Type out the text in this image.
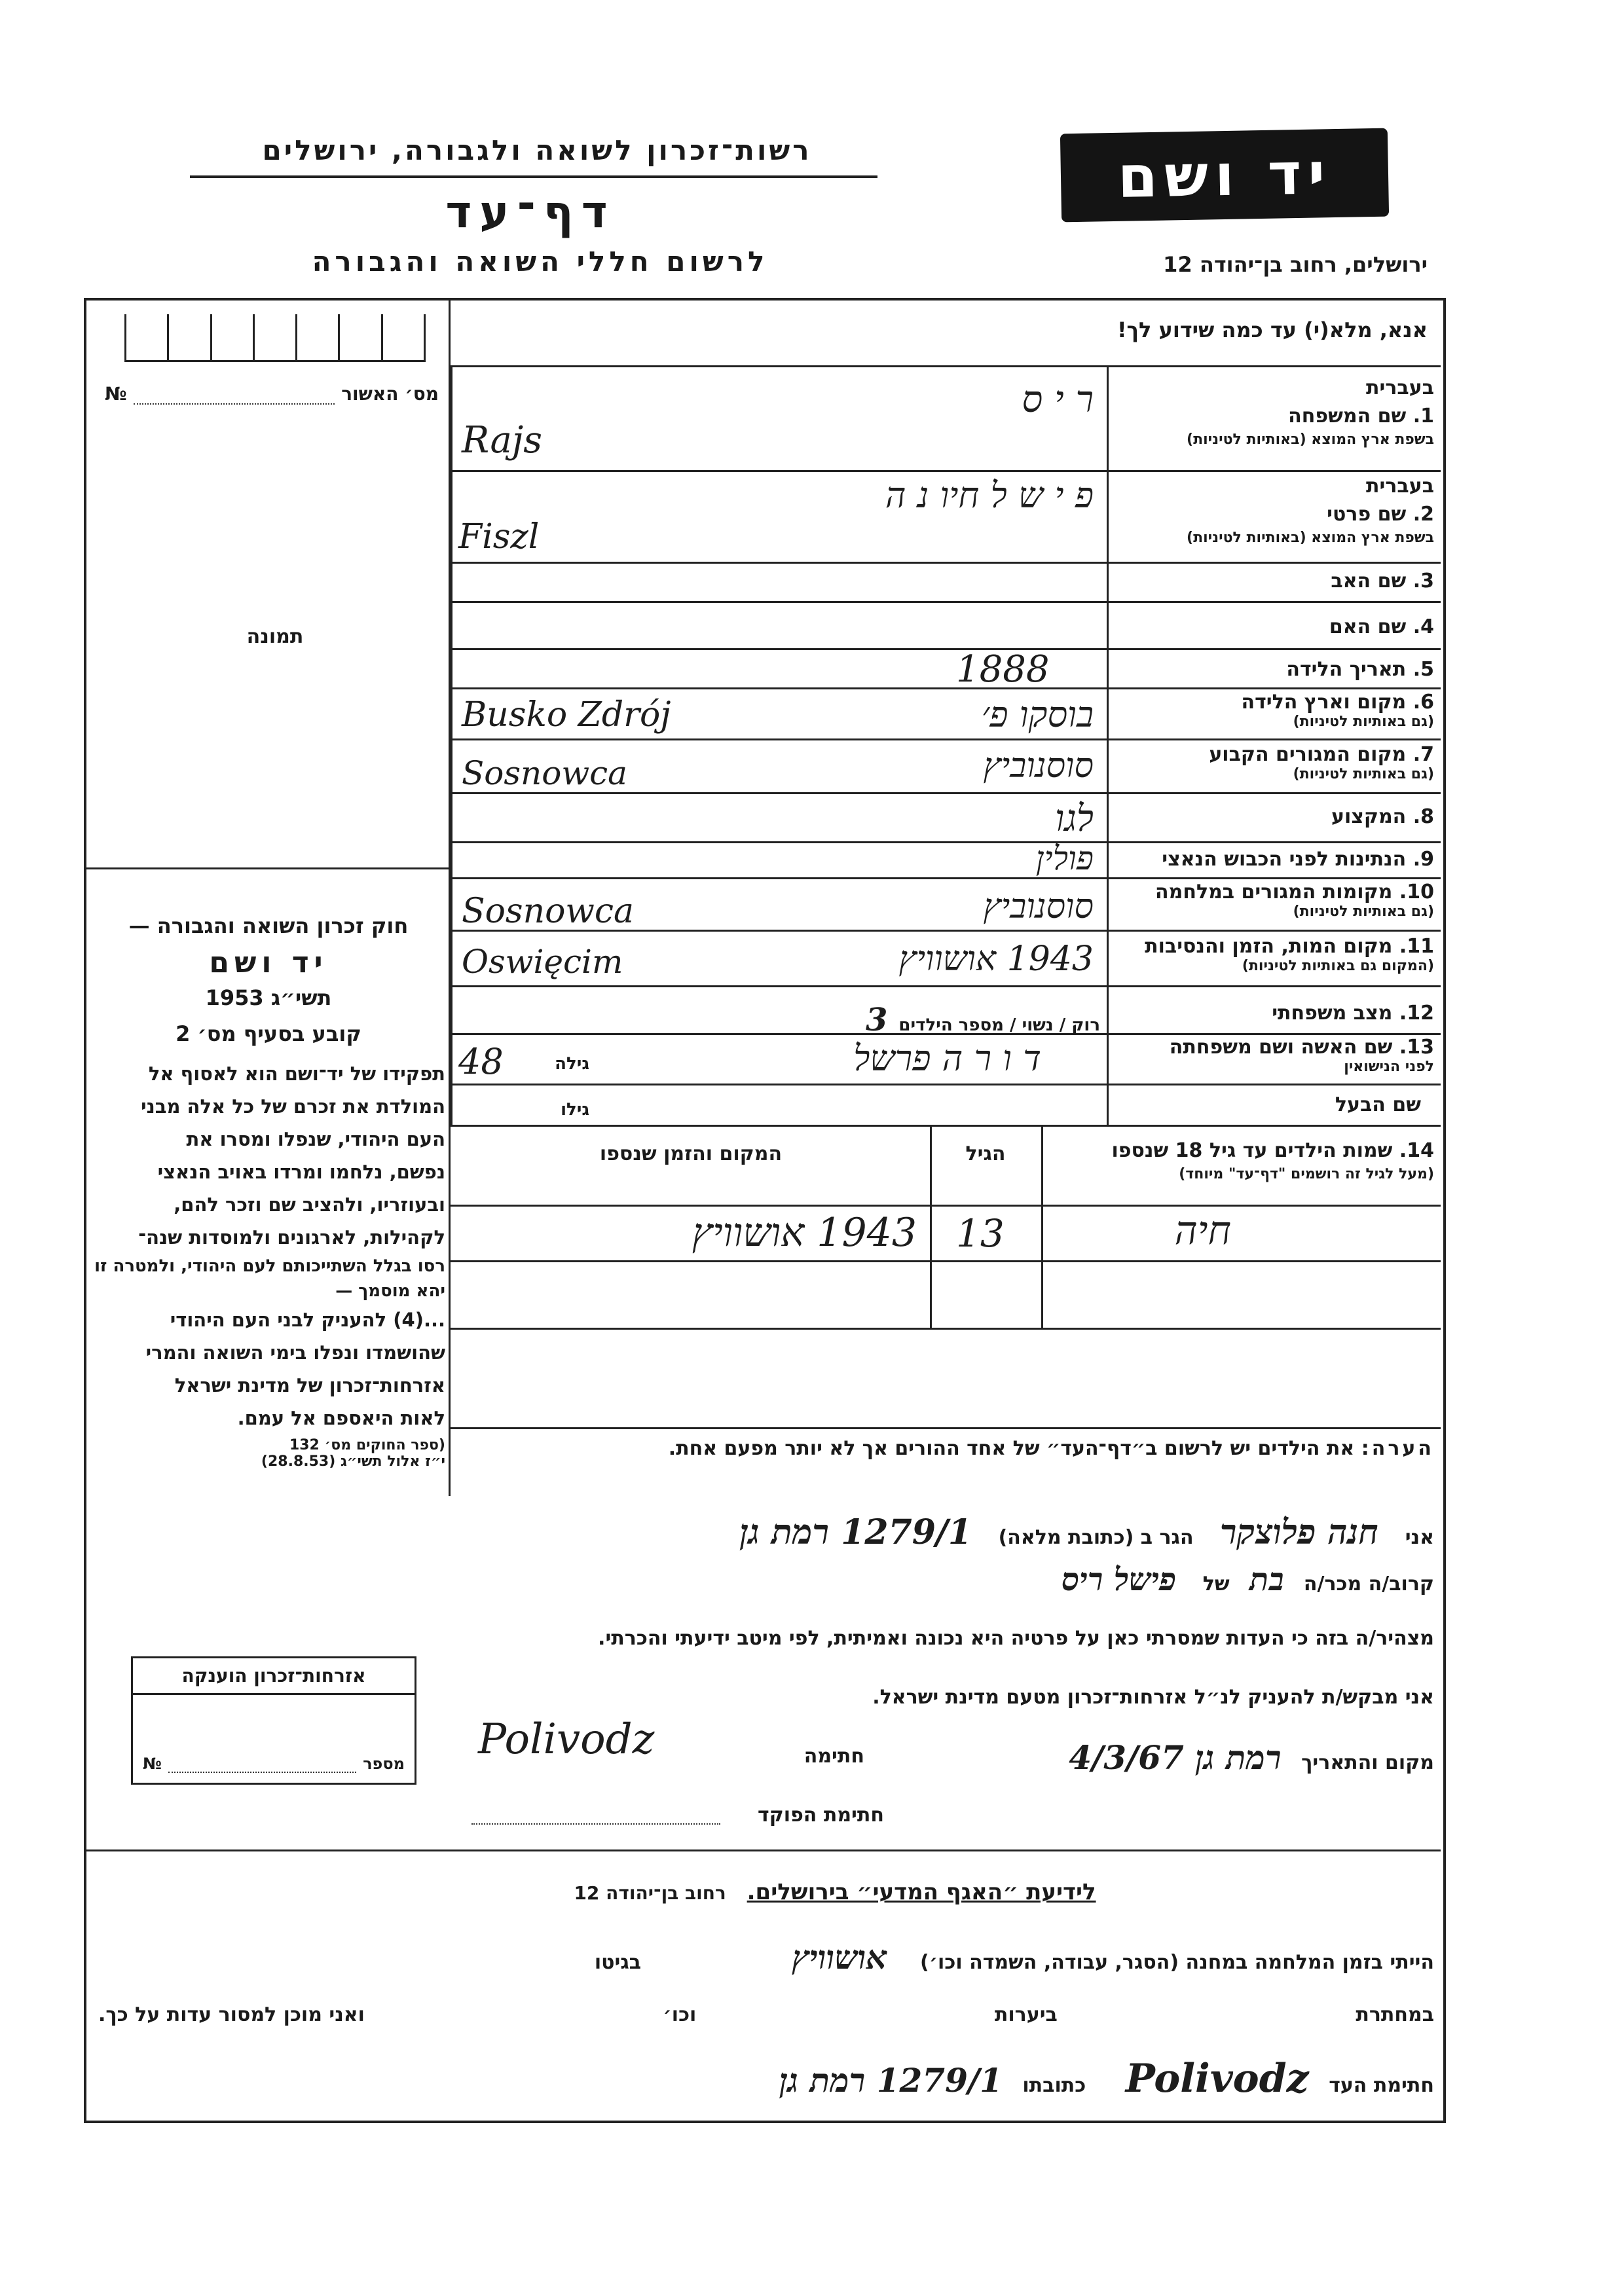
רשות־זכרון לשואה ולגבורה, ירושלים
דף־עד
לרשום חללי השואה והגבורה
יד ושם
ירושלים, רחוב בן־יהודה 12
מס׳ האשור
№
תמונה
חוק זכרון השואה והגבורה —
יד ושם
תשי״ג 1953
קובע בסעיף מס׳ 2
תפקידו של יד־ושם הוא לאסוף אל
המולדת את זכרם של כל אלה מבני
העם היהודי, שנפלו ומסרו את
נפשם, נלחמו ומרדו באויב הנאצי
ובעוזריו, ולהציב שם וזכר להם,
לקהילות, לארגונים ולמוסדות שנה־
רסו בגלל השתייכותם לעם היהודי, ולמטרה זו יהא מוסמך —
...(4) להעניק לבני העם היהודי
שהושמדו ונפלו בימי השואה והמרי
אזרחות־זכרון של מדינת ישראל
לאות היאספם אל עמם.
(ספר החוקים מס׳ 132
י״ז אלול תשי״ג (28.8.53)
אנא, מלא(י) עד כמה שידוע לך!
בעברית
1. שם המשפחה
בשפת ארץ המוצא (באותיות לטיניות)
בעברית
2. שם פרטי
בשפת ארץ המוצא (באותיות לטיניות)
3. שם האב
4. שם האם
5. תאריך הלידה
6. מקום וארץ הלידה
(גם באותיות לטיניות)
7. מקום המגורים הקבוע
(גם באותיות לטיניות)
8. המקצוע
9. הנתינות לפני הכבוש הנאצי
10. מקומות המגורים במלחמה
(גם באותיות לטיניות)
11. מקום המות, הזמן והנסיבות
(המקום גם באותיות לטיניות)
12. מצב משפחתי
13. שם האשה ושם משפחתה
לפני הנישואין
שם הבעל
ר י ס
Rajs
פ י ש ל חיו נ ה
Fiszl
1888
בוסקו פ׳
Busko Zdrój
סוסנוביץ
Sosnowca
לגו
פולין
סוסנוביץ
Sosnowca
1943 אושוויץ
Oswięcim
רוק / נשוי / מספר הילדים 3
ד ו ר ה פרשל
גילה
48
גילו
14. שמות הילדים עד גיל 18 שנספו
(מעל לגיל זה רושמים "דף־עד" מיוחד)
הגיל
המקום והזמן שנספו
חיה
13
1943 אושוויץ
הערה: את הילדים יש לרשום ב״דף־העד״ של אחד ההורים אך לא יותר מפעם אחת.
אני חנה פלוצקר הגר ב (כתובת מלאה) 1279/1 רמת גן
קרוב/ה מכר/ה בת של פישל ריס
מצהיר/ה בזה כי העדות שמסרתי כאן על פרטיה היא נכונה ואמיתית, לפי מיטב ידיעתי והכרתי.
אני מבקש/ת להעניק לנ״ל אזרחות־זכרון מטעם מדינת ישראל.
מקום והתאריך רמת גן 4/3/67
חתימה
Polivodz
חתימת הפוקד
אזרחות־זכרון הוענקה
מספר
№
לידיעת ״האגף המדעי״ בירושלים. רחוב בן־יהודה 12
הייתי בזמן המלחמה במחנה (הסגר, עבודה, השמדה וכו׳) אושוויץ בגיטו
במחתרת
ביערות
וכו׳
ואני מוכן למסור עדות על כך.
חתימת העד Polivodz כתובתו 1279/1 רמת גן
